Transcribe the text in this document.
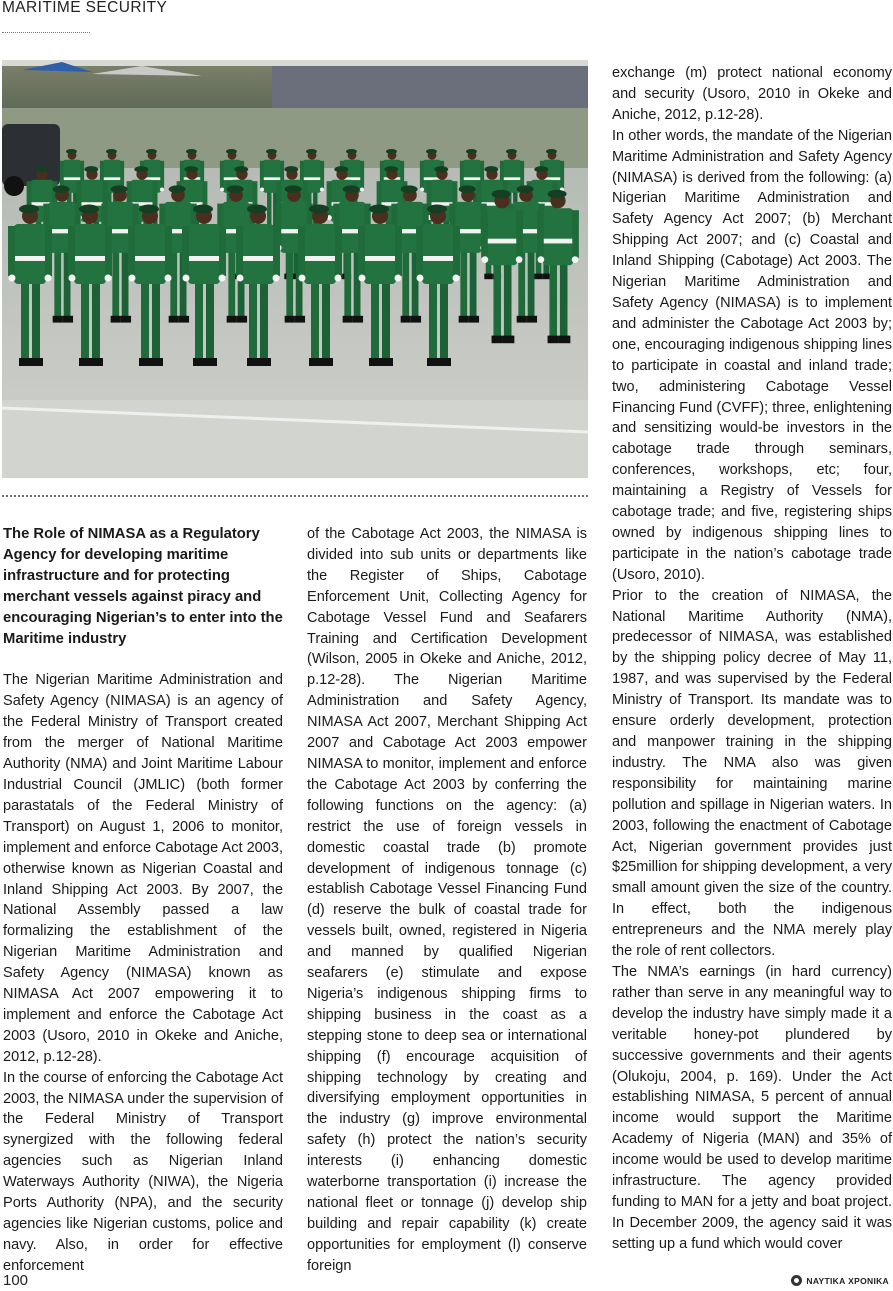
MARITIME SECURITY

The Role of NIMASA as a Regulatory Agency for developing maritime infrastructure and for protecting merchant vessels against piracy and encouraging Nigerian’s to enter into the Maritime industry

The Nigerian Maritime Administration and Safety Agency (NIMASA) is an agency of the Federal Ministry of Transport created from the merger of National Maritime Authority (NMA) and Joint Maritime Labour Industrial Council (JMLIC) (both former parastatals of the Federal Ministry of Transport) on August 1, 2006 to monitor, implement and enforce Cabotage Act 2003, otherwise known as Nigerian Coastal and Inland Shipping Act 2003. By 2007, the National Assembly passed a law formalizing the establishment of the Nigerian Maritime Administration and Safety Agency (NIMASA) known as NIMASA Act 2007 empowering it to implement and enforce the Cabotage Act 2003 (Usoro, 2010 in Okeke and Aniche, 2012, p.12-28).

In the course of enforcing the Cabotage Act 2003, the NIMASA under the supervision of the Federal Ministry of Transport synergized with the following federal agencies such as Nigerian Inland Waterways Authority (NIWA), the Nigeria Ports Authority (NPA), and the security agencies like Nigerian customs, police and navy. Also, in order for effective enforcement

of the Cabotage Act 2003, the NIMASA is divided into sub units or departments like the Register of Ships, Cabotage Enforcement Unit, Collecting Agency for Cabotage Vessel Fund and Seafarers Training and Certification Development (Wilson, 2005 in Okeke and Aniche, 2012, p.12-28). The Nigerian Maritime Administration and Safety Agency, NIMASA Act 2007, Merchant Shipping Act 2007 and Cabotage Act 2003 empower NIMASA to monitor, implement and enforce the Cabotage Act 2003 by conferring the following functions on the agency: (a) restrict the use of foreign vessels in domestic coastal trade (b) promote development of indigenous tonnage (c) establish Cabotage Vessel Financing Fund (d) reserve the bulk of coastal trade for vessels built, owned, registered in Nigeria and manned by qualified Nigerian seafarers (e) stimulate and expose Nigeria’s indigenous shipping firms to shipping business in the coast as a stepping stone to deep sea or international shipping (f) encourage acquisition of shipping technology by creating and diversifying employment opportunities in the industry (g) improve environmental safety (h) protect the nation’s security interests (i) enhancing domestic waterborne transportation (i) increase the national fleet or tonnage (j) develop ship building and repair capability (k) create opportunities for employment (l) conserve foreign

exchange (m) protect national economy and security (Usoro, 2010 in Okeke and Aniche, 2012, p.12-28).

In other words, the mandate of the Nigerian Maritime Administration and Safety Agency (NIMASA) is derived from the following: (a) Nigerian Maritime Administration and Safety Agency Act 2007; (b) Merchant Shipping Act 2007; and (c) Coastal and Inland Shipping (Cabotage) Act 2003. The Nigerian Maritime Administration and Safety Agency (NIMASA) is to implement and administer the Cabotage Act 2003 by; one, encouraging indigenous shipping lines to participate in coastal and inland trade; two, administering Cabotage Vessel Financing Fund (CVFF); three, enlightening and sensitizing would-be investors in the cabotage trade through seminars, conferences, workshops, etc; four, maintaining a Registry of Vessels for cabotage trade; and five, registering ships owned by indigenous shipping lines to participate in the nation’s cabotage trade (Usoro, 2010).

Prior to the creation of NIMASA, the National Maritime Authority (NMA), predecessor of NIMASA, was established by the shipping policy decree of May 11, 1987, and was supervised by the Federal Ministry of Transport. Its mandate was to ensure orderly development, protection and manpower training in the shipping industry. The NMA also was given responsibility for maintaining marine pollution and spillage in Nigerian waters. In 2003, following the enactment of Cabotage Act, Nigerian government provides just $25million for shipping development, a very small amount given the size of the country. In effect, both the indigenous entrepreneurs and the NMA merely play the role of rent collectors.

The NMA’s earnings (in hard currency) rather than serve in any meaningful way to develop the industry have simply made it a veritable honey-pot plundered by successive governments and their agents (Olukoju, 2004, p. 169). Under the Act establishing NIMASA, 5 percent of annual income would support the Maritime Academy of Nigeria (MAN) and 35% of income would be used to develop maritime infrastructure. The agency provided funding to MAN for a jetty and boat project. In December 2009, the agency said it was setting up a fund which would cover

100	ΝΑΥΤΙΚΑ ΧΡΟΝΙΚΑ
